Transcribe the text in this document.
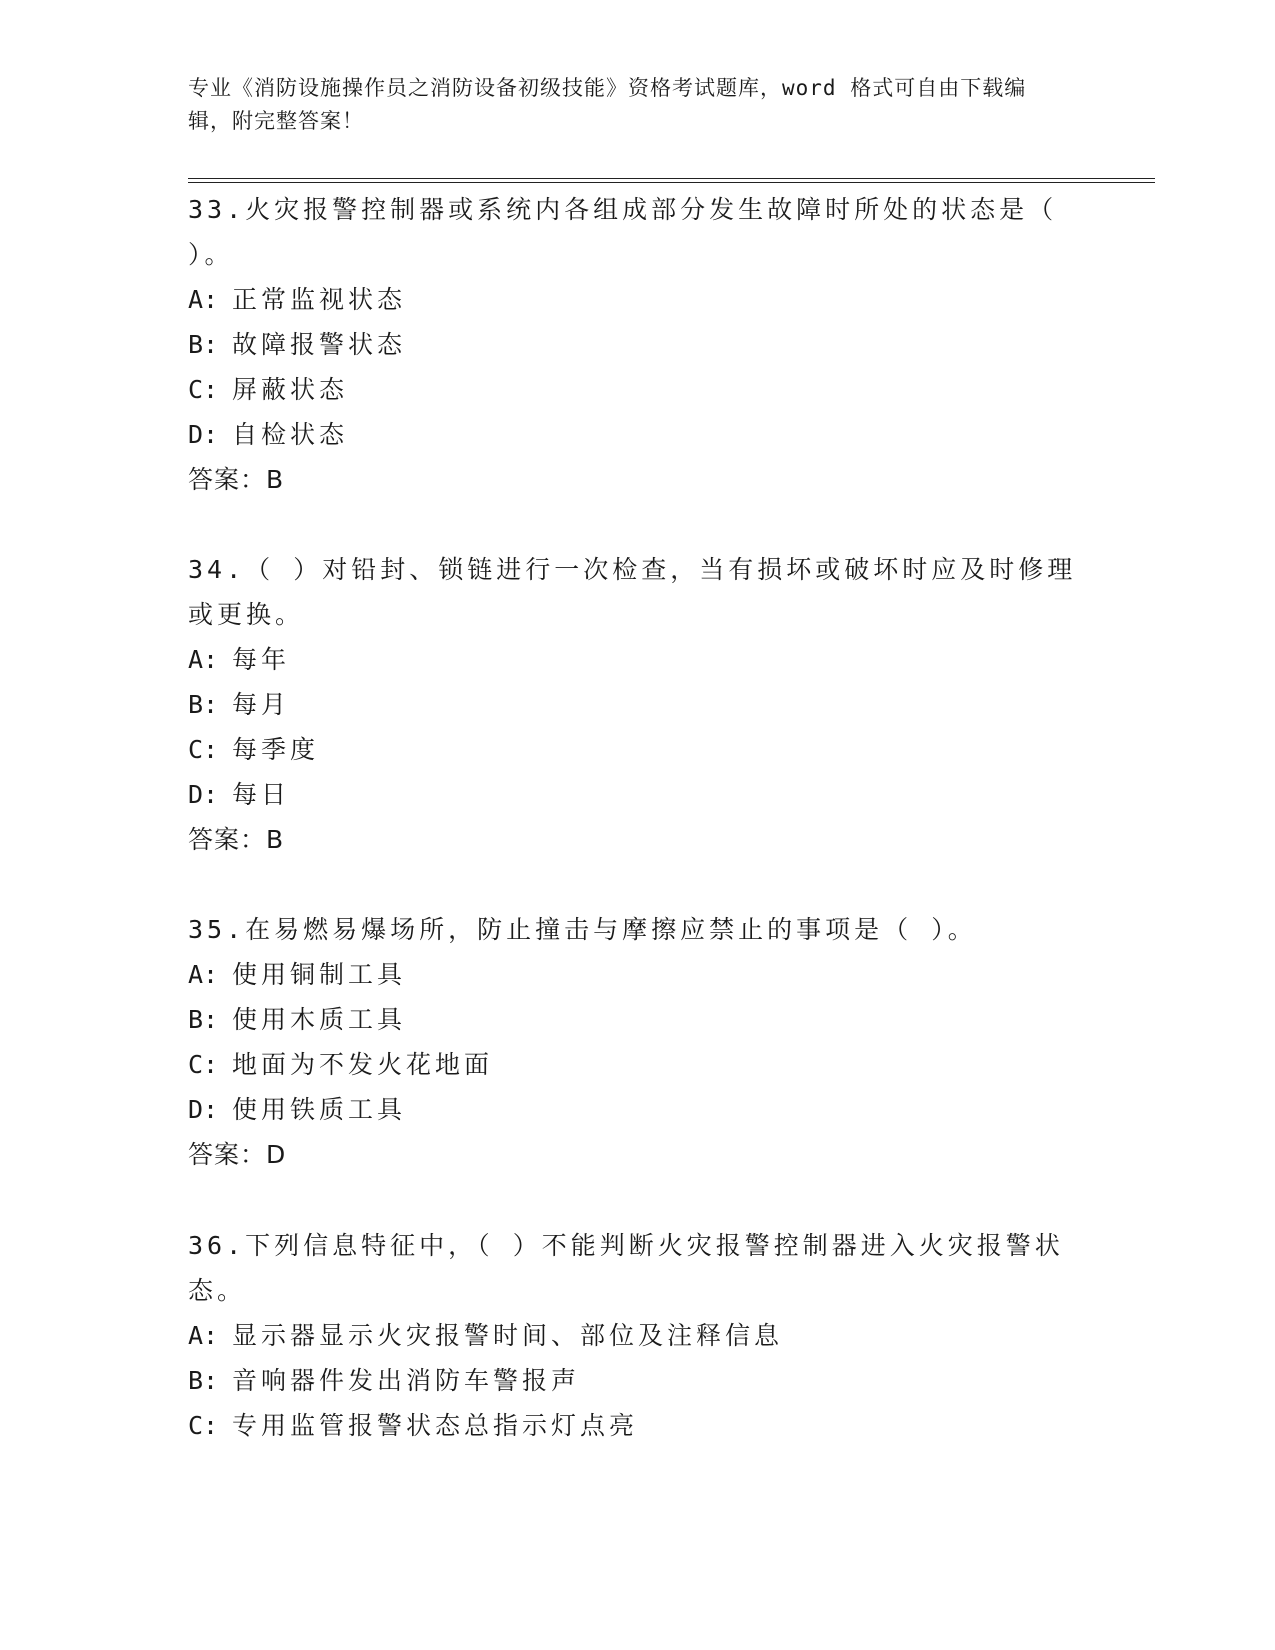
专业《消防设施操作员之消防设备初级技能》资格考试题库，word 格式可自由下载编辑，附完整答案！

33.火灾报警控制器或系统内各组成部分发生故障时所处的状态是（ ）。

A: 正常监视状态
B: 故障报警状态
C: 屏蔽状态
D: 自检状态
答案：B

34.（ ）对铅封、锁链进行一次检查，当有损坏或破坏时应及时修理或更换。

A: 每年
B: 每月
C: 每季度
D: 每日
答案：B

35.在易燃易爆场所，防止撞击与摩擦应禁止的事项是（ ）。

A: 使用铜制工具
B: 使用木质工具
C: 地面为不发火花地面
D: 使用铁质工具
答案：D

36.下列信息特征中，（ ）不能判断火灾报警控制器进入火灾报警状态。

A: 显示器显示火灾报警时间、部位及注释信息
B: 音响器件发出消防车警报声
C: 专用监管报警状态总指示灯点亮
